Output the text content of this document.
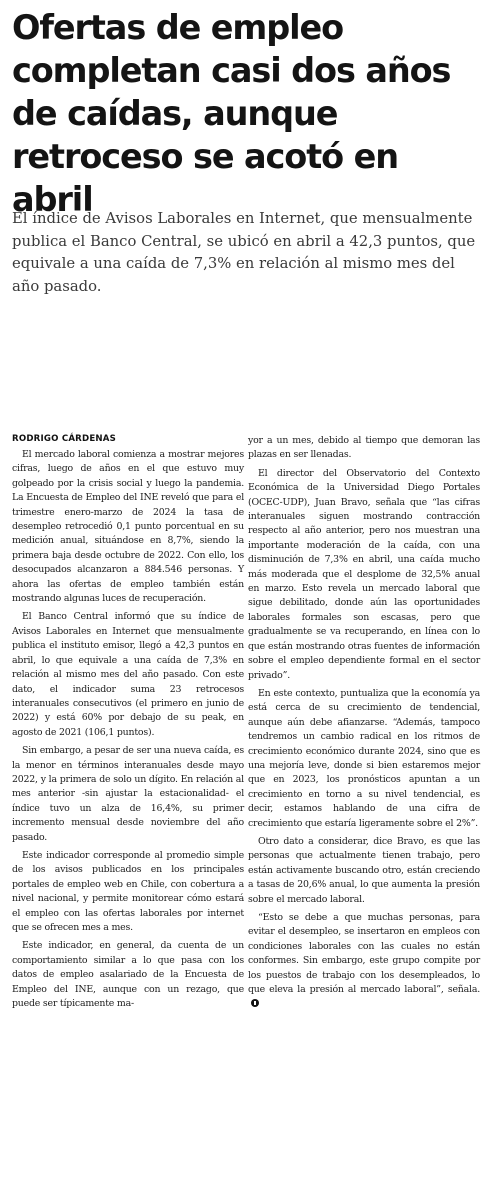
Ofertas de empleo completan casi dos años de caídas, aunque retroceso se acotó en abril

El índice de Avisos Laborales en Internet, que mensualmente publica el Banco Central, se ubicó en abril a 42,3 puntos, que equivale a una caída de 7,3% en relación al mismo mes del año pasado.

RODRIGO CÁRDENAS

El mercado laboral comienza a mostrar mejores cifras, luego de años en el que estuvo muy golpeado por la crisis social y luego la pandemia. La Encuesta de Empleo del INE reveló que para el trimestre enero-marzo de 2024 la tasa de desempleo retrocedió 0,1 punto porcentual en su medición anual, situándose en 8,7%, siendo la primera baja desde octubre de 2022. Con ello, los desocupados alcanzaron a 884.546 personas. Y ahora las ofertas de empleo también están mostrando algunas luces de recuperación.

El Banco Central informó que su índice de Avisos Laborales en Internet que mensualmente publica el instituto emisor, llegó a 42,3 puntos en abril, lo que equivale a una caída de 7,3% en relación al mismo mes del año pasado. Con este dato, el indicador suma 23 retrocesos interanuales consecutivos (el primero en junio de 2022) y está 60% por debajo de su peak, en agosto de 2021 (106,1 puntos).

Sin embargo, a pesar de ser una nueva caída, es la menor en términos interanuales desde mayo 2022, y la primera de solo un dígito. En relación al mes anterior -sin ajustar la estacionalidad- el índice tuvo un alza de 16,4%, su primer incremento mensual desde noviembre del año pasado.

Este indicador corresponde al promedio simple de los avisos publicados en los principales portales de empleo web en Chile, con cobertura a nivel nacional, y permite monitorear cómo estará el empleo con las ofertas laborales por internet que se ofrecen mes a mes.

Este indicador, en general, da cuenta de un comportamiento similar a lo que pasa con los datos de empleo asalariado de la Encuesta de Empleo del INE, aunque con un rezago, que puede ser típicamente ma-

yor a un mes, debido al tiempo que demoran las plazas en ser llenadas.

El director del Observatorio del Contexto Económica de la Universidad Diego Portales (OCEC-UDP), Juan Bravo, señala que “las cifras interanuales siguen mostrando contracción respecto al año anterior, pero nos muestran una importante moderación de la caída, con una disminución de 7,3% en abril, una caída mucho más moderada que el desplome de 32,5% anual en marzo. Esto revela un mercado laboral que sigue debilitado, donde aún las oportunidades laborales formales son escasas, pero que gradualmente se va recuperando, en línea con lo que están mostrando otras fuentes de información sobre el empleo dependiente formal en el sector privado”.

En este contexto, puntualiza que la economía ya está cerca de su crecimiento de tendencial, aunque aún debe afianzarse. “Además, tampoco tendremos un cambio radical en los ritmos de crecimiento económico durante 2024, sino que es una mejoría leve, donde si bien estaremos mejor que en 2023, los pronósticos apuntan a un crecimiento en torno a su nivel tendencial, es decir, estamos hablando de una cifra de crecimiento que estaría ligeramente sobre el 2%”.

Otro dato a considerar, dice Bravo, es que las personas que actualmente tienen trabajo, pero están activamente buscando otro, están creciendo a tasas de 20,6% anual, lo que aumenta la presión sobre el mercado laboral.

“Esto se debe a que muchas personas, para evitar el desempleo, se insertaron en empleos con condiciones laborales con las cuales no están conformes. Sin embargo, este grupo compite por los puestos de trabajo con los desempleados, lo que eleva la presión al mercado laboral”, señala.
